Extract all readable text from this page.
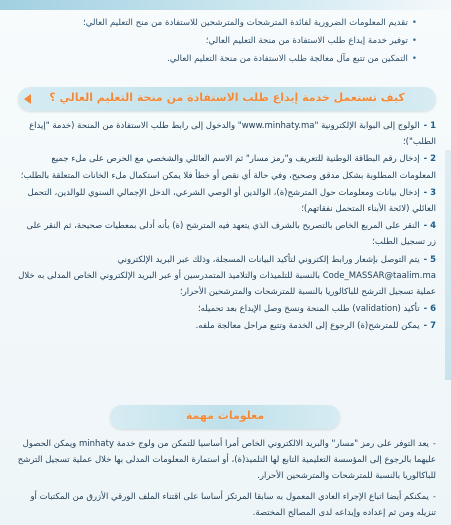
•تقديم المعلومات الضرورية لفائدة المترشحات والمترشحين للاستفادة من منح التعليم العالي؛
•توفير خدمة إيداع طلب الاستفادة من منحة التعليم العالي؛
•التمكين من تتبع مآل معالجة طلب الاستفادة من منحة التعليم العالي.
كيف تستعمل خدمة إيداع طلب الاستفادة من منحة التعليم العالي ؟
1 -الولوج إلى البوابة الإلكترونية "www.minhaty.ma" والدخول إلى رابط طلب الاستفادة من المنحة (خدمة "إيداع الطلب")؛
2 -إدخال رقم البطاقة الوطنية للتعريف و"رمز مسار" ثم الاسم العائلي والشخصي مع الحرص على ملء جميع المعلومات المطلوبة بشكل مدقق وصحيح، وفي حالة أي نقص أو خطأ فلا يمكن استكمال ملء الخانات المتعلقة بالطلب؛
3 -إدخال بيانات ومعلومات حول المترشح(ة)، الوالدين أو الوصي الشرعي، الدخل الإجمالي السنوي للوالدين، التحمل العائلي (لائحة الأبناء المتحمل نفقاتهم)؛
4 -النقر على المربع الخاص بالتصريح بالشرف الذي يتعهد فيه المترشح (ة) بأنه أدلى بمعطيات صحيحة، ثم النقر على زر تسجيل الطلب؛
5 -يتم التوصل بإشعار ورابط إلكتروني لتأكيد البيانات المسجلة، وذلك عبر البريد الإلكتروني Code_MASSAR@taalim.ma بالنسبة للتلميذات والتلاميذ المتمدرسين أو عبر البريد الإلكتروني الخاص المدلى به خلال عملية تسجيل الترشح للباكالوريا بالنسبة للمترشحات والمترشحين الأحرار؛
6 -تأكيد (validation) طلب المنحة ونسخ وصل الإيداع بعد تحميله؛
7 -يمكن للمترشح(ة) الرجوع إلى الخدمة وتتبع مراحل معالجة ملفه.
معلومات مهمة
-يعد التوفر على رمز "مسار" والبريد الالكتروني الخاص أمرا أساسيا للتمكن من ولوج خدمة minhaty ويمكن الحصول عليهما بالرجوع إلى المؤسسة التعليمية التابع لها التلميذ(ة)، أو استمارة المعلومات المدلى بها خلال عملية تسجيل الترشح للباكالوريا بالنسبة للمترشحات والمترشحين الأحرار.
-يمكنكم أيضا اتباع الإجراء العادي المعمول به سابقا المرتكز أساسا على اقتناء الملف الورقي الأزرق من المكتبات أو تنزيله ومن ثم إعداده وإيداعه لدى المصالح المختصة.
